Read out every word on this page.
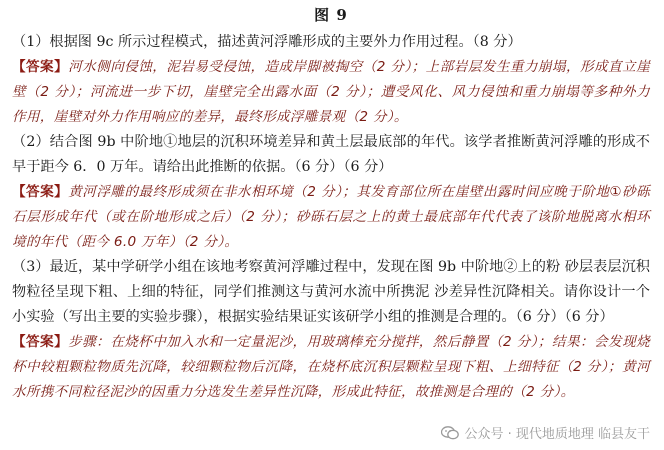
图 9

（1）根据图 9c 所示过程模式，描述黄河浮雕形成的主要外力作用过程。（8 分）

【答案】河水侧向侵蚀，泥岩易受侵蚀，造成岸脚被掏空（2 分）；上部岩层发生重力崩塌，形成直立崖壁（2 分）；河流进一步下切，崖壁完全出露水面（2 分）；遭受风化、风力侵蚀和重力崩塌等多种外力作用，崖壁对外力作用响应的差异，最终形成浮雕景观（2 分）。

（2）结合图 9b 中阶地①地层的沉积环境差异和黄土层最底部的年代。该学者推断黄河浮雕的形成不早于距今 6．0 万年。请给出此推断的依据。（6 分）（6 分）

【答案】黄河浮雕的最终形成须在非水相环境（2 分）；其发育部位所在崖壁出露时间应晚于阶地①砂砾石层形成年代（或在阶地形成之后）（2 分）；砂砾石层之上的黄土最底部年代代表了该阶地脱离水相环境的年代（距今 6.0 万年）（2 分）。

（3）最近，某中学研学小组在该地考察黄河浮雕过程中，发现在图 9b 中阶地②上的粉 砂层表层沉积物粒径呈现下粗、上细的特征，同学们推测这与黄河水流中所携泥 沙差异性沉降相关。请你设计一个小实验（写出主要的实验步骤），根据实验结果证实该研学小组的推测是合理的。（6 分）（6 分）

【答案】步骤：在烧杯中加入水和一定量泥沙，用玻璃棒充分搅拌，然后静置（2 分）；结果：会发现烧杯中较粗颗粒物质先沉降，较细颗粒物后沉降，在烧杯底沉积层颗粒呈现下粗、上细特征（2 分）；黄河水所携不同粒径泥沙的因重力分选发生差异性沉降，形成此特征，故推测是合理的（2 分）。

公众号 · 现代地质地理 临县友干
